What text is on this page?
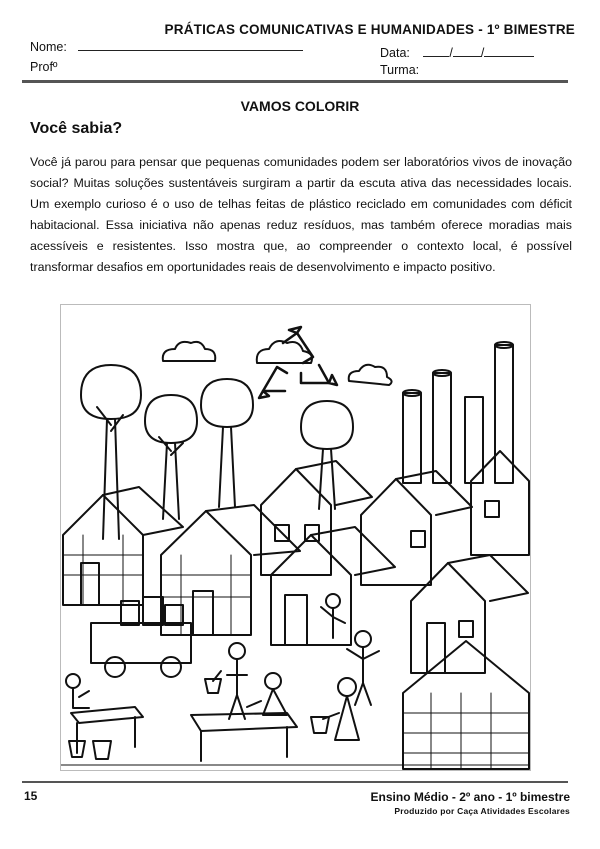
PRÁTICAS COMUNICATIVAS E HUMANIDADES - 1º BIMESTRE
Nome:
Profº
Data:	/ /
Turma:
VAMOS COLORIR
Você sabia?
Você já parou para pensar que pequenas comunidades podem ser laboratórios vivos de inovação social? Muitas soluções sustentáveis surgiram a partir da escuta ativa das necessidades locais. Um exemplo curioso é o uso de telhas feitas de plástico reciclado em comunidades com déficit habitacional. Essa iniciativa não apenas reduz resíduos, mas também oferece moradias mais acessíveis e resistentes. Isso mostra que, ao compreender o contexto local, é possível transformar desafios em oportunidades reais de desenvolvimento e impacto positivo.
15	Ensino Médio - 2º ano - 1º bimestre
Produzido por Caça Atividades Escolares
